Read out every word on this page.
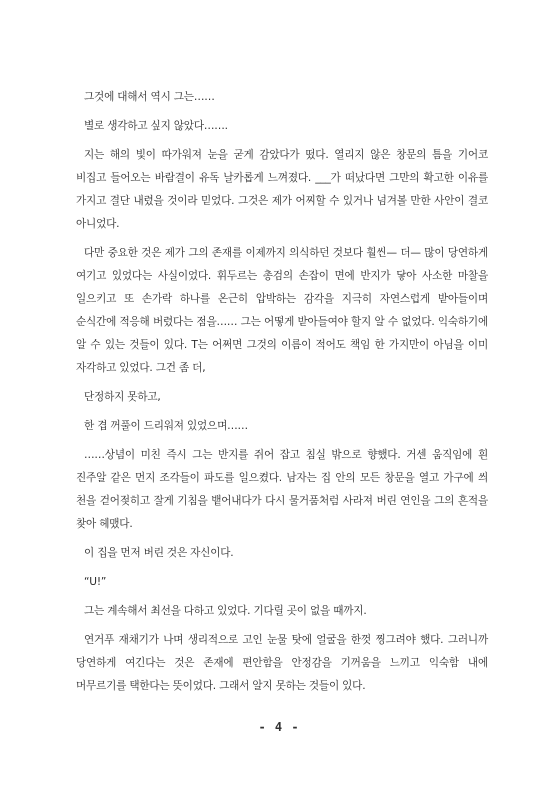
그것에 대해서 역시 그는……

별로 생각하고 싶지 않았다…….

지는 해의 빛이 따가워져 눈을 굳게 감았다가 떴다. 열리지 않은 창문의 틈을 기어코 비집고 들어오는 바람결이 유독 날카롭게 느껴졌다. ___가 떠났다면 그만의 확고한 이유를 가지고 결단 내렸을 것이라 믿었다. 그것은 제가 어찌할 수 있거나 넘겨볼 만한 사안이 결코 아니었다.

다만 중요한 것은 제가 그의 존재를 이제까지 의식하던 것보다 훨씬— 더— 많이 당연하게 여기고 있었다는 사실이었다. 휘두르는 총검의 손잡이 면에 반지가 닿아 사소한 마찰을 일으키고 또 손가락 하나를 온근히 압박하는 감각을 지극히 자연스럽게 받아들이며 순식간에 적응해 버렸다는 점을…… 그는 어떻게 받아들여야 할지 알 수 없었다. 익숙하기에 알 수 있는 것들이 있다. T는 어쩌면 그것의 이름이 적어도 책임 한 가지만이 아님을 이미 자각하고 있었다. 그건 좀 더,

단정하지 못하고,

한 겹 꺼풀이 드리워져 있었으며……

……상념이 미친 즉시 그는 반지를 쥐어 잡고 침실 밖으로 향했다. 거센 움직임에 흰 진주알 같은 먼지 조각들이 파도를 일으켰다. 남자는 집 안의 모든 창문을 열고 가구에 씌 천을 걷어젖히고 잘게 기침을 뱉어내다가 다시 물거품처럼 사라져 버린 연인을 그의 흔적을 찾아 헤맸다.

이 집을 먼저 버린 것은 자신이다.

“U!”

그는 계속해서 최선을 다하고 있었다. 기다릴 곳이 없을 때까지.

연거푸 재채기가 나며 생리적으로 고인 눈물 탓에 얼굴을 한껏 찡그려야 했다. 그러니까 당연하게 여긴다는 것은 존재에 편안함을 안정감을 기꺼움을 느끼고 익숙함 내에 머무르기를 택한다는 뜻이었다. 그래서 알지 못하는 것들이 있다.

- 4 -
